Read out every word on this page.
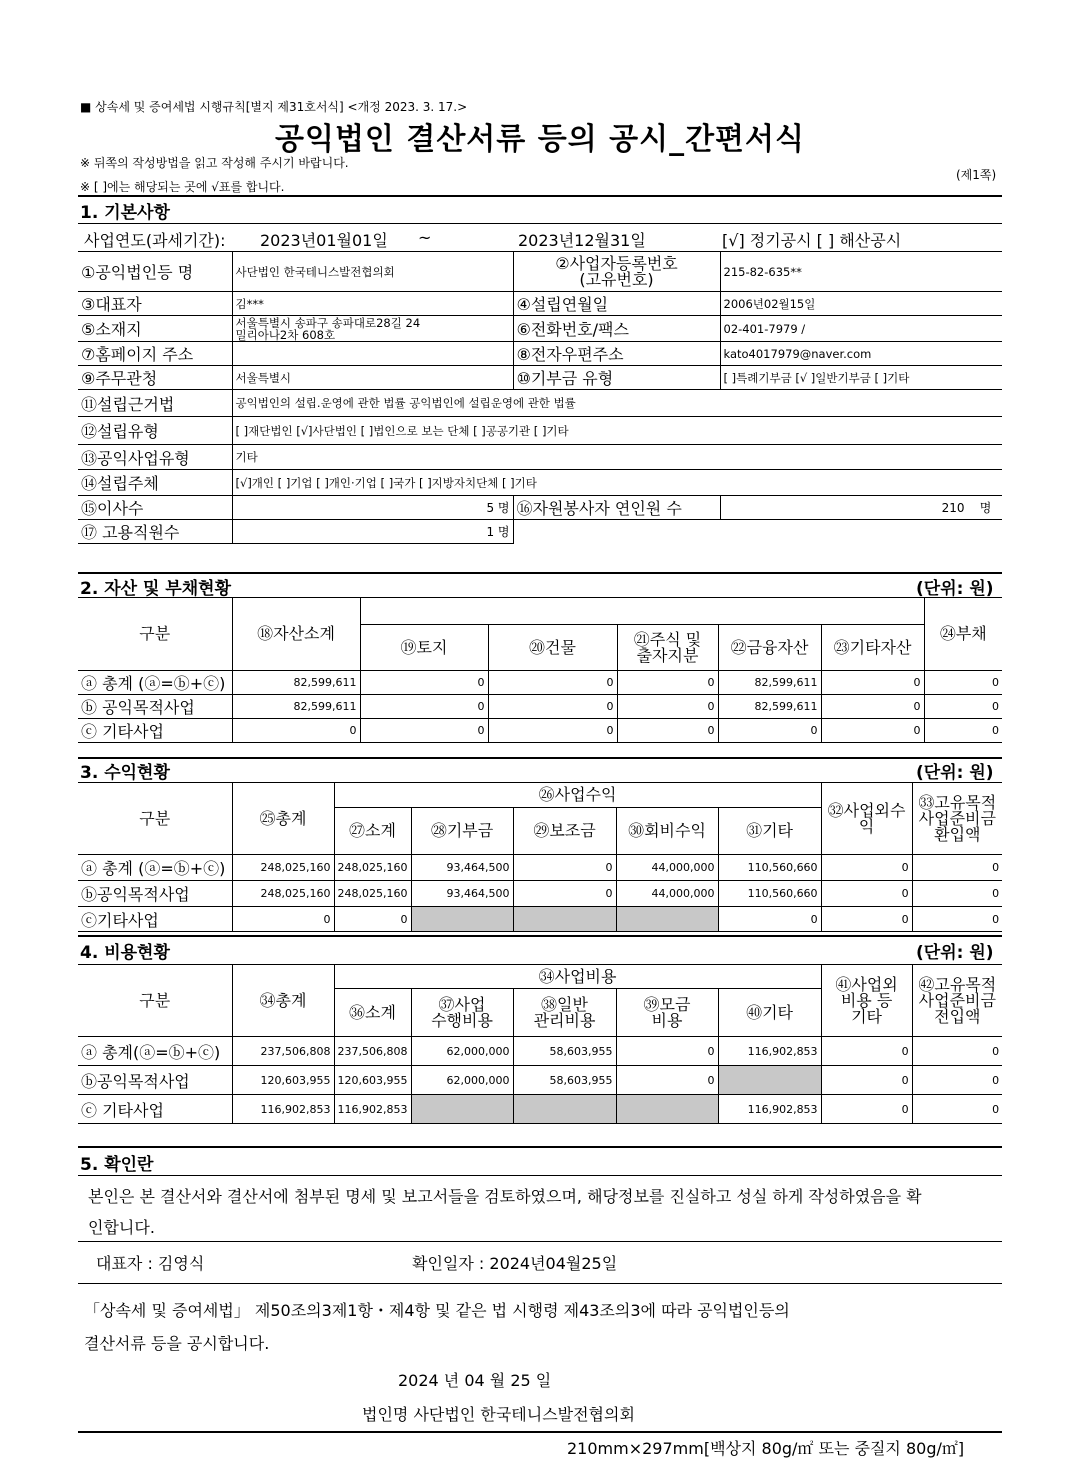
■ 상속세 및 증여세법 시행규칙[별지 제31호서식] <개정 2023. 3. 17.>
공익법인 결산서류 등의 공시_간편서식
※ 뒤쪽의 작성방법을 읽고 작성해 주시기 바랍니다.
※ [ ]에는 해당되는 곳에 √표를 합니다.
(제1쪽)
1. 기본사항
사업연도(과세기간): 2023년01월01일 ~	2023년12월31일	[√] 정기공시 [ ] 해산공시
①공익법인등 명	사단법인 한국테니스발전협의회	②사업자등록번호
(고유번호)	215-82-635**
③대표자	김***	④설립연월일	2006년02월15일
⑤소재지	서울특별시 송파구 송파대로28길 24
밀리아나2차 608호	⑥전화번호/팩스	02-401-7979 /
⑦홈페이지 주소		⑧전자우편주소	kato4017979@naver.com
⑨주무관청	서울특별시	⑩기부금 유형	[ ]특례기부금 [√ ]일반기부금 [ ]기타
⑪설립근거법	공익법인의 설립.운영에 관한 법률 공익법인에 설립운영에 관한 법률		
⑫설립유형	[ ]재단법인 [√]사단법인 [ ]법인으로 보는 단체 [ ]공공기관 [ ]기타		
⑬공익사업유형	기타		
⑭설립주체	[√]개인 [ ]기업 [ ]개인·기업 [ ]국가 [ ]지방자치단체 [ ]기타		
⑮이사수	5 명	⑯자원봉사자 연인원 수	210 명
⑰ 고용직원수	1 명		
2. 자산 및 부채현황	(단위: 원)
구분	⑱자산소계						㉔부채
		⑲토지	⑳건물	㉑주식 및
출자지분	㉒금융자산	㉓기타자산	
ⓐ 총계 (ⓐ=ⓑ+ⓒ)	82,599,611	0	0	0	82,599,611	0	0
ⓑ 공익목적사업	82,599,611	0	0	0	82,599,611	0	0
ⓒ 기타사업	0	0	0	0	0	0	0
3. 수익현황	(단위: 원)
구분	㉕총계	㉖사업수익					㉜사업외수
익	㉝고유목적
사업준비금
환입액
		㉗소계	㉘기부금	㉙보조금	㉚회비수익	㉛기타		
ⓐ 총계 (ⓐ=ⓑ+ⓒ)	248,025,160	248,025,160	93,464,500	0	44,000,000	110,560,660	0	0
ⓑ공익목적사업	248,025,160	248,025,160	93,464,500	0	44,000,000	110,560,660	0	0
ⓒ기타사업	0	0				0	0	0
4. 비용현황	(단위: 원)
구분	㉞총계	㉞사업비용					㊶사업외
비용 등
기타	㊷고유목적
사업준비금
전입액
		㊱소계	㊲사업
수행비용	㊳일반
관리비용	㊴모금
비용	㊵기타		
ⓐ 총계(ⓐ=ⓑ+ⓒ)	237,506,808	237,506,808	62,000,000	58,603,955	0	116,902,853	0	0
ⓑ공익목적사업	120,603,955	120,603,955	62,000,000	58,603,955	0		0	0
ⓒ 기타사업	116,902,853	116,902,853				116,902,853	0	0
5. 확인란
본인은 본 결산서와 결산서에 첨부된 명세 및 보고서들을 검토하였으며, 해당정보를 진실하고 성실 하게 작성하였음을 확
인합니다.
대표자 : 김영식	확인일자 : 2024년04월25일
「상속세 및 증여세법」 제50조의3제1항・제4항 및 같은 법 시행령 제43조의3에 따라 공익법인등의
결산서류 등을 공시합니다.
2024 년 04 월 25 일
법인명 사단법인 한국테니스발전협의회
210mm×297mm[백상지 80g/㎡ 또는 중질지 80g/㎡]
